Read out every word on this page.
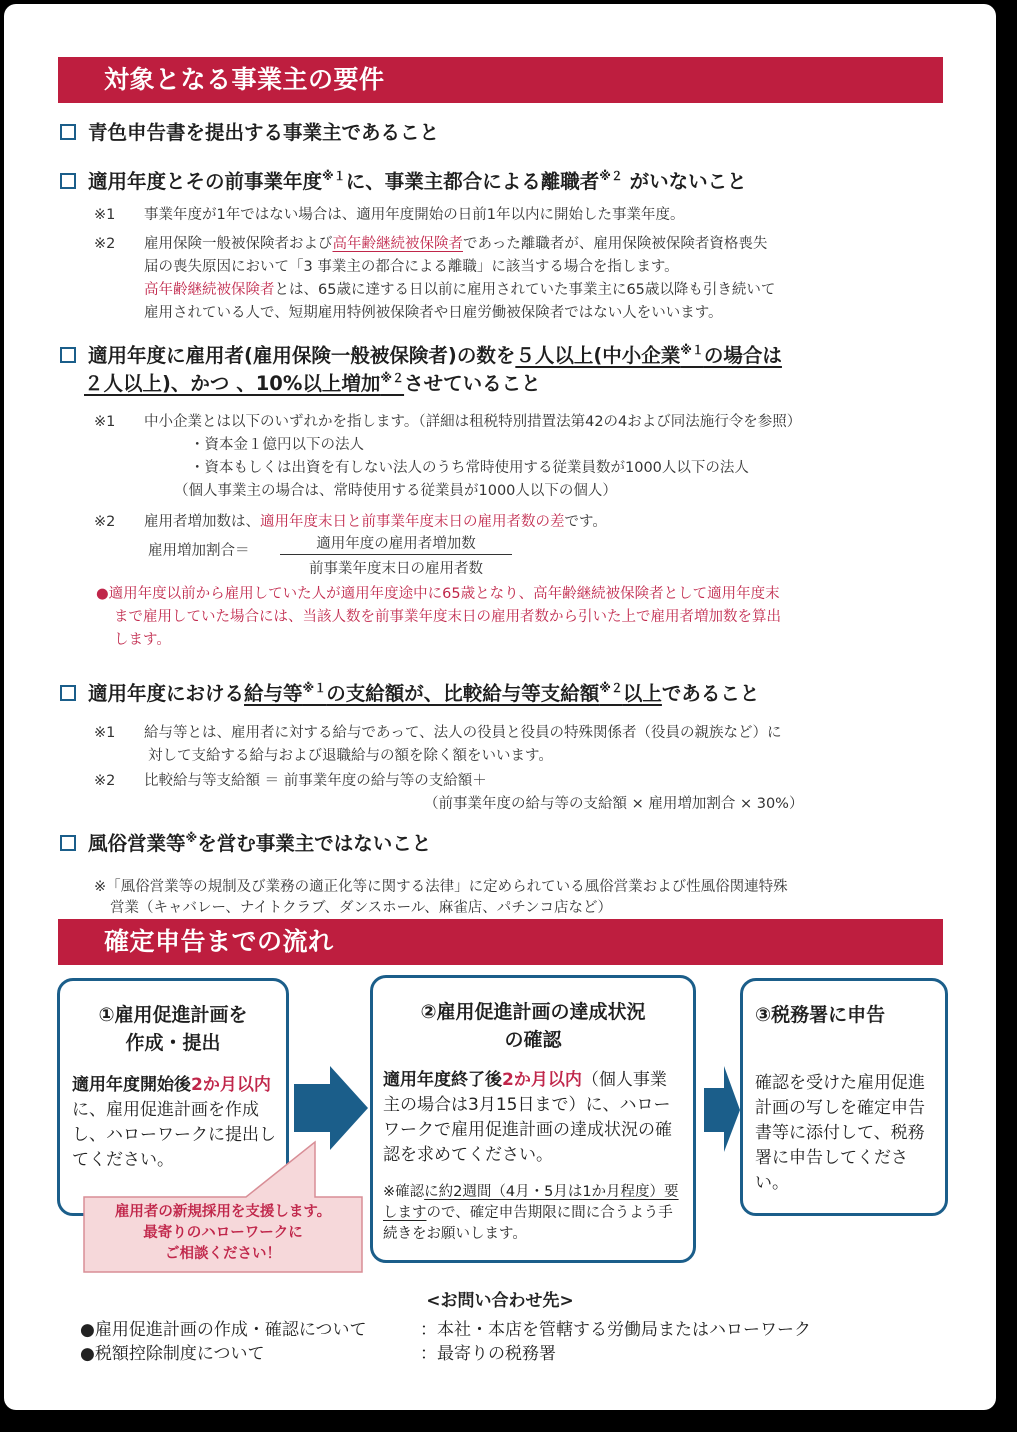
対象となる事業主の要件
青色申告書を提出する事業主であること
適用年度とその前事業年度$^{※1}$に、事業主都合による離職者$^{※2}$ がいないこと
※1 事業年度が1年ではない場合は、適用年度開始の日前1年以内に開始した事業年度。
※2 雇用保険一般被保険者および高年齢継続被保険者であった離職者が、雇用保険被保険者資格喪失
届の喪失原因において「3 事業主の都合による離職」に該当する場合を指します。
高年齢継続被保険者とは、65歳に達する日以前に雇用されていた事業主に65歳以降も引き続いて
雇用されている人で、短期雇用特例被保険者や日雇労働被保険者ではない人をいいます。
適用年度に雇用者(雇用保険一般被保険者)の数を５人以上(中小企業$^{※1}$の場合は
２人以上)、かつ 、10%以上増加$^{※2}$させていること
※1 中小企業とは以下のいずれかを指します。（詳細は租税特別措置法第42の4および同法施行令を参照）
・資本金１億円以下の法人
・資本もしくは出資を有しない法人のうち常時使用する従業員数が1000人以下の法人
（個人事業主の場合は、常時使用する従業員が1000人以下の個人）
※2 雇用者増加数は、適用年度末日と前事業年度末日の雇用者数の差です。
雇用増加割合＝	適用年度の雇用者増加数
前事業年度末日の雇用者数
●適用年度以前から雇用していた人が適用年度途中に65歳となり、高年齢継続被保険者として適用年度末
まで雇用していた場合には、当該人数を前事業年度末日の雇用者数から引いた上で雇用者増加数を算出
します。
適用年度における給与等$^{※1}$の支給額が、比較給与等支給額$^{※2}$以上であること
※1 給与等とは、雇用者に対する給与であって、法人の役員と役員の特殊関係者（役員の親族など）に
対して支給する給与および退職給与の額を除く額をいいます。
※2 比較給与等支給額 ＝ 前事業年度の給与等の支給額＋
（前事業年度の給与等の支給額 × 雇用増加割合 × 30%）
風俗営業等※を営む事業主ではないこと
※「風俗営業等の規制及び業務の適正化等に関する法律」に定められている風俗営業および性風俗関連特殊
営業（キャバレー、ナイトクラブ、ダンスホール、麻雀店、パチンコ店など）
確定申告までの流れ
①雇用促進計画を
作成・提出
適用年度開始後2か月以内に、雇用促進計画を作成し、ハローワークに提出してください。
雇用者の新規採用を支援します。
最寄りのハローワークに
ご相談ください！
②雇用促進計画の達成状況
の確認
適用年度終了後2か月以内（個人事業主の場合は3月15日まで）に、ハローワークで雇用促進計画の達成状況の確認を求めてください。
※確認に約2週間（4月・5月は1か月程度）要しますので、確定申告期限に間に合うよう手続きをお願いします。
③税務署に申告
確認を受けた雇用促進計画の写しを確定申告書等に添付して、税務署に申告してください。
<お問い合わせ先>
●雇用促進計画の作成・確認について	：本社・本店を管轄する労働局またはハローワーク
●税額控除制度について	：最寄りの税務署
